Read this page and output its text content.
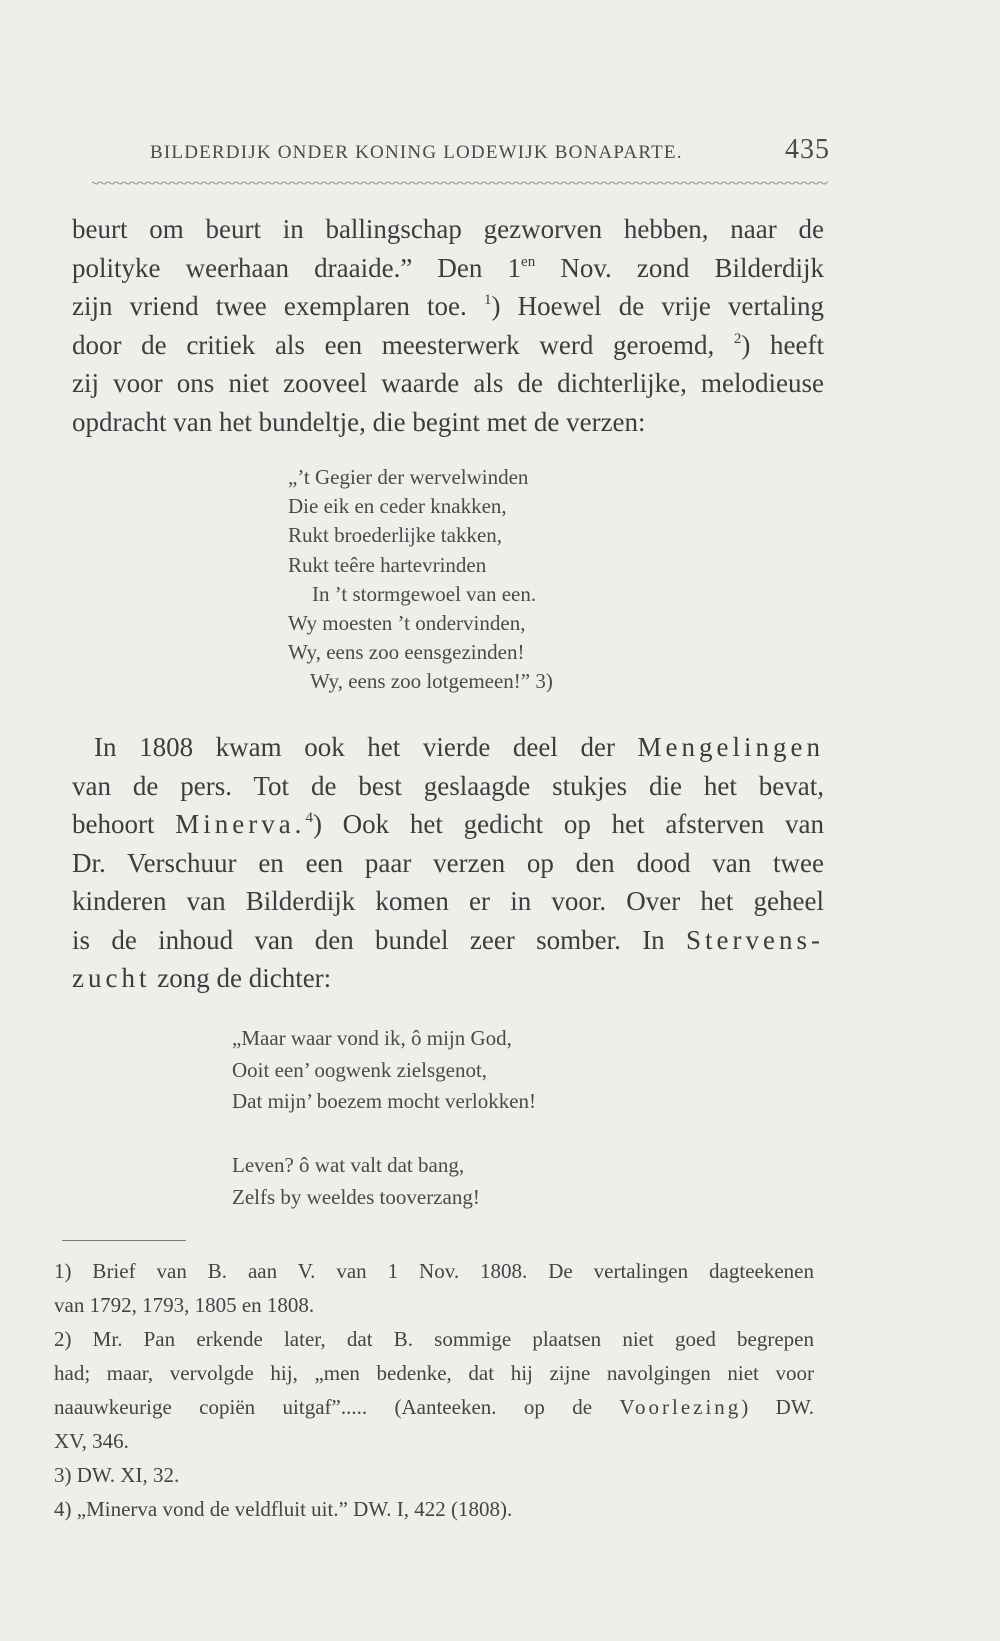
BILDERDIJK ONDER KONING LODEWIJK BONAPARTE.	435

beurt om beurt in ballingschap gezworven hebben, naar de

polityke weerhaan draaide.” Den 1$^{en}$ Nov. zond Bilderdijk

zijn vriend twee exemplaren toe. $^1$) Hoewel de vrije vertaling

door de critiek als een meesterwerk werd geroemd, $^2$) heeft

zij voor ons niet zooveel waarde als de dichterlijke, melodieuse

opdracht van het bundeltje, die begint met de verzen:

„’t Gegier der wervelwinden
Die eik en ceder knakken,
Rukt broederlijke takken,
Rukt teêre hartevrinden
In ’t stormgewoel van een.
Wy moesten ’t ondervinden,
Wy, eens zoo eensgezinden!
Wy, eens zoo lotgemeen!” 3)

In 1808 kwam ook het vierde deel der Mengelingen

van de pers. Tot de best geslaagde stukjes die het bevat,

behoort Minerva.$^4$) Ook het gedicht op het afsterven van

Dr. Verschuur en een paar verzen op den dood van twee

kinderen van Bilderdijk komen er in voor. Over het geheel

is de inhoud van den bundel zeer somber. In Stervens-

zucht zong de dichter:

„Maar waar vond ik, ô mijn God,
Ooit een’ oogwenk zielsgenot,
Dat mijn’ boezem mocht verlokken!
Leven? ô wat valt dat bang,
Zelfs by weeldes tooverzang!

1) Brief van B. aan V. van 1 Nov. 1808. De vertalingen dagteekenen

van 1792, 1793, 1805 en 1808.

2) Mr. Pan erkende later, dat B. sommige plaatsen niet goed begrepen

had; maar, vervolgde hij, „men bedenke, dat hij zijne navolgingen niet voor

naauwkeurige copiën uitgaf”..... (Aanteeken. op de Voorlezing) DW.

XV, 346.

3) DW. XI, 32.

4) „Minerva vond de veldfluit uit.” DW. I, 422 (1808).
